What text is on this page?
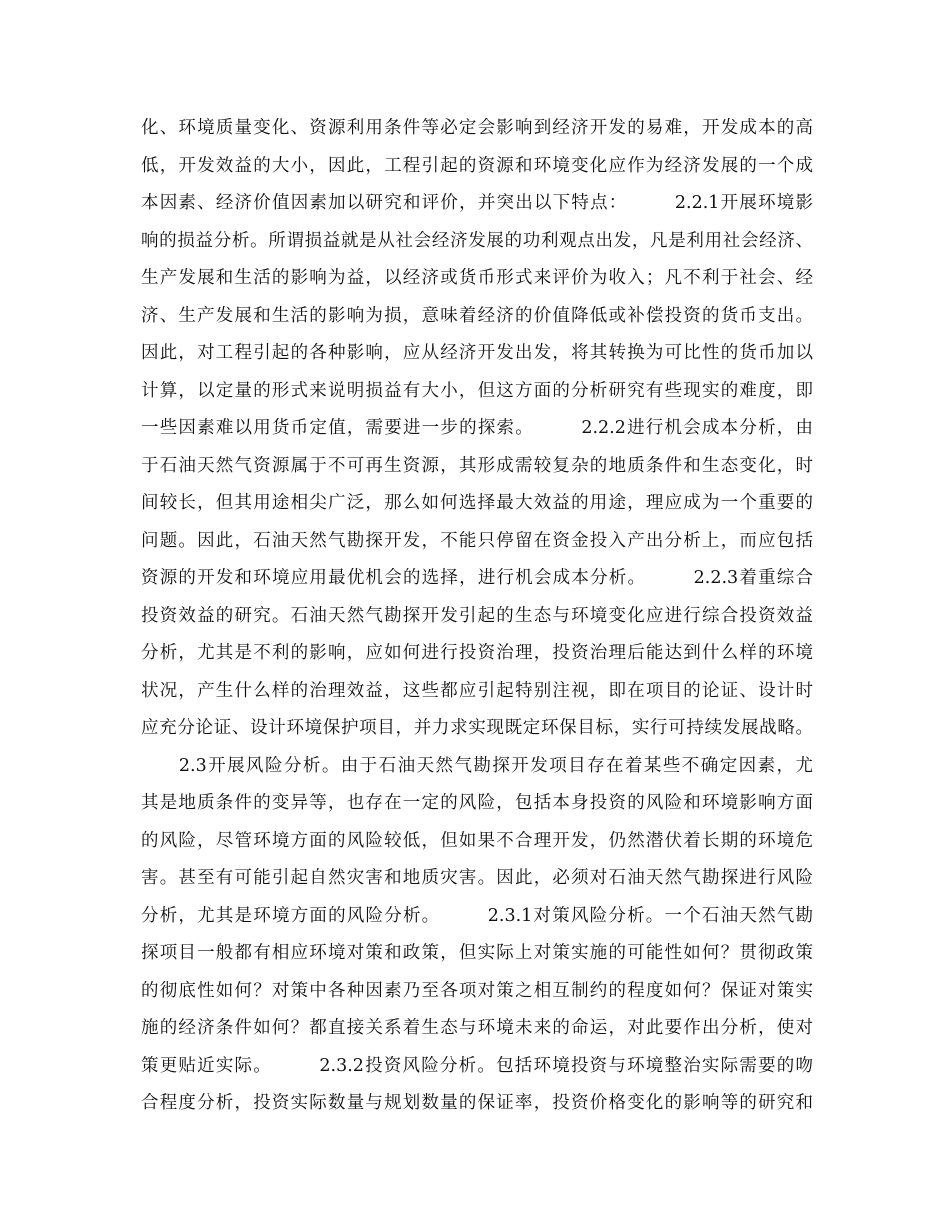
化、环境质量变化、资源利用条件等必定会影响到经济开发的易难，开发成本的高
低，开发效益的大小，因此，工程引起的资源和环境变化应作为经济发展的一个成
本因素、经济价值因素加以研究和评价，并突出以下特点：　　　2.2.1开展环境影
响的损益分析。所谓损益就是从社会经济发展的功利观点出发，凡是利用社会经济、
生产发展和生活的影响为益，以经济或货币形式来评价为收入；凡不利于社会、经
济、生产发展和生活的影响为损，意味着经济的价值降低或补偿投资的货币支出。
因此，对工程引起的各种影响，应从经济开发出发，将其转换为可比性的货币加以
计算，以定量的形式来说明损益有大小，但这方面的分析研究有些现实的难度，即
一些因素难以用货币定值，需要进一步的探索。　　　2.2.2进行机会成本分析，由
于石油天然气资源属于不可再生资源，其形成需较复杂的地质条件和生态变化，时
间较长，但其用途相尖广泛，那么如何选择最大效益的用途，理应成为一个重要的
问题。因此，石油天然气勘探开发，不能只停留在资金投入产出分析上，而应包括
资源的开发和环境应用最优机会的选择，进行机会成本分析。　　　2.2.3着重综合
投资效益的研究。石油天然气勘探开发引起的生态与环境变化应进行综合投资效益
分析，尤其是不利的影响，应如何进行投资治理，投资治理后能达到什么样的环境
状况，产生什么样的治理效益，这些都应引起特别注视，即在项目的论证、设计时
应充分论证、设计环境保护项目，并力求实现既定环保目标，实行可持续发展战略。
　　2.3开展风险分析。由于石油天然气勘探开发项目存在着某些不确定因素，尤
其是地质条件的变异等，也存在一定的风险，包括本身投资的风险和环境影响方面
的风险，尽管环境方面的风险较低，但如果不合理开发，仍然潜伏着长期的环境危
害。甚至有可能引起自然灾害和地质灾害。因此，必须对石油天然气勘探进行风险
分析，尤其是环境方面的风险分析。　　　2.3.1对策风险分析。一个石油天然气勘
探项目一般都有相应环境对策和政策，但实际上对策实施的可能性如何？贯彻政策
的彻底性如何？对策中各种因素乃至各项对策之相互制约的程度如何？保证对策实
施的经济条件如何？都直接关系着生态与环境未来的命运，对此要作出分析，使对
策更贴近实际。　　　2.3.2投资风险分析。包括环境投资与环境整治实际需要的吻
合程度分析，投资实际数量与规划数量的保证率，投资价格变化的影响等的研究和
